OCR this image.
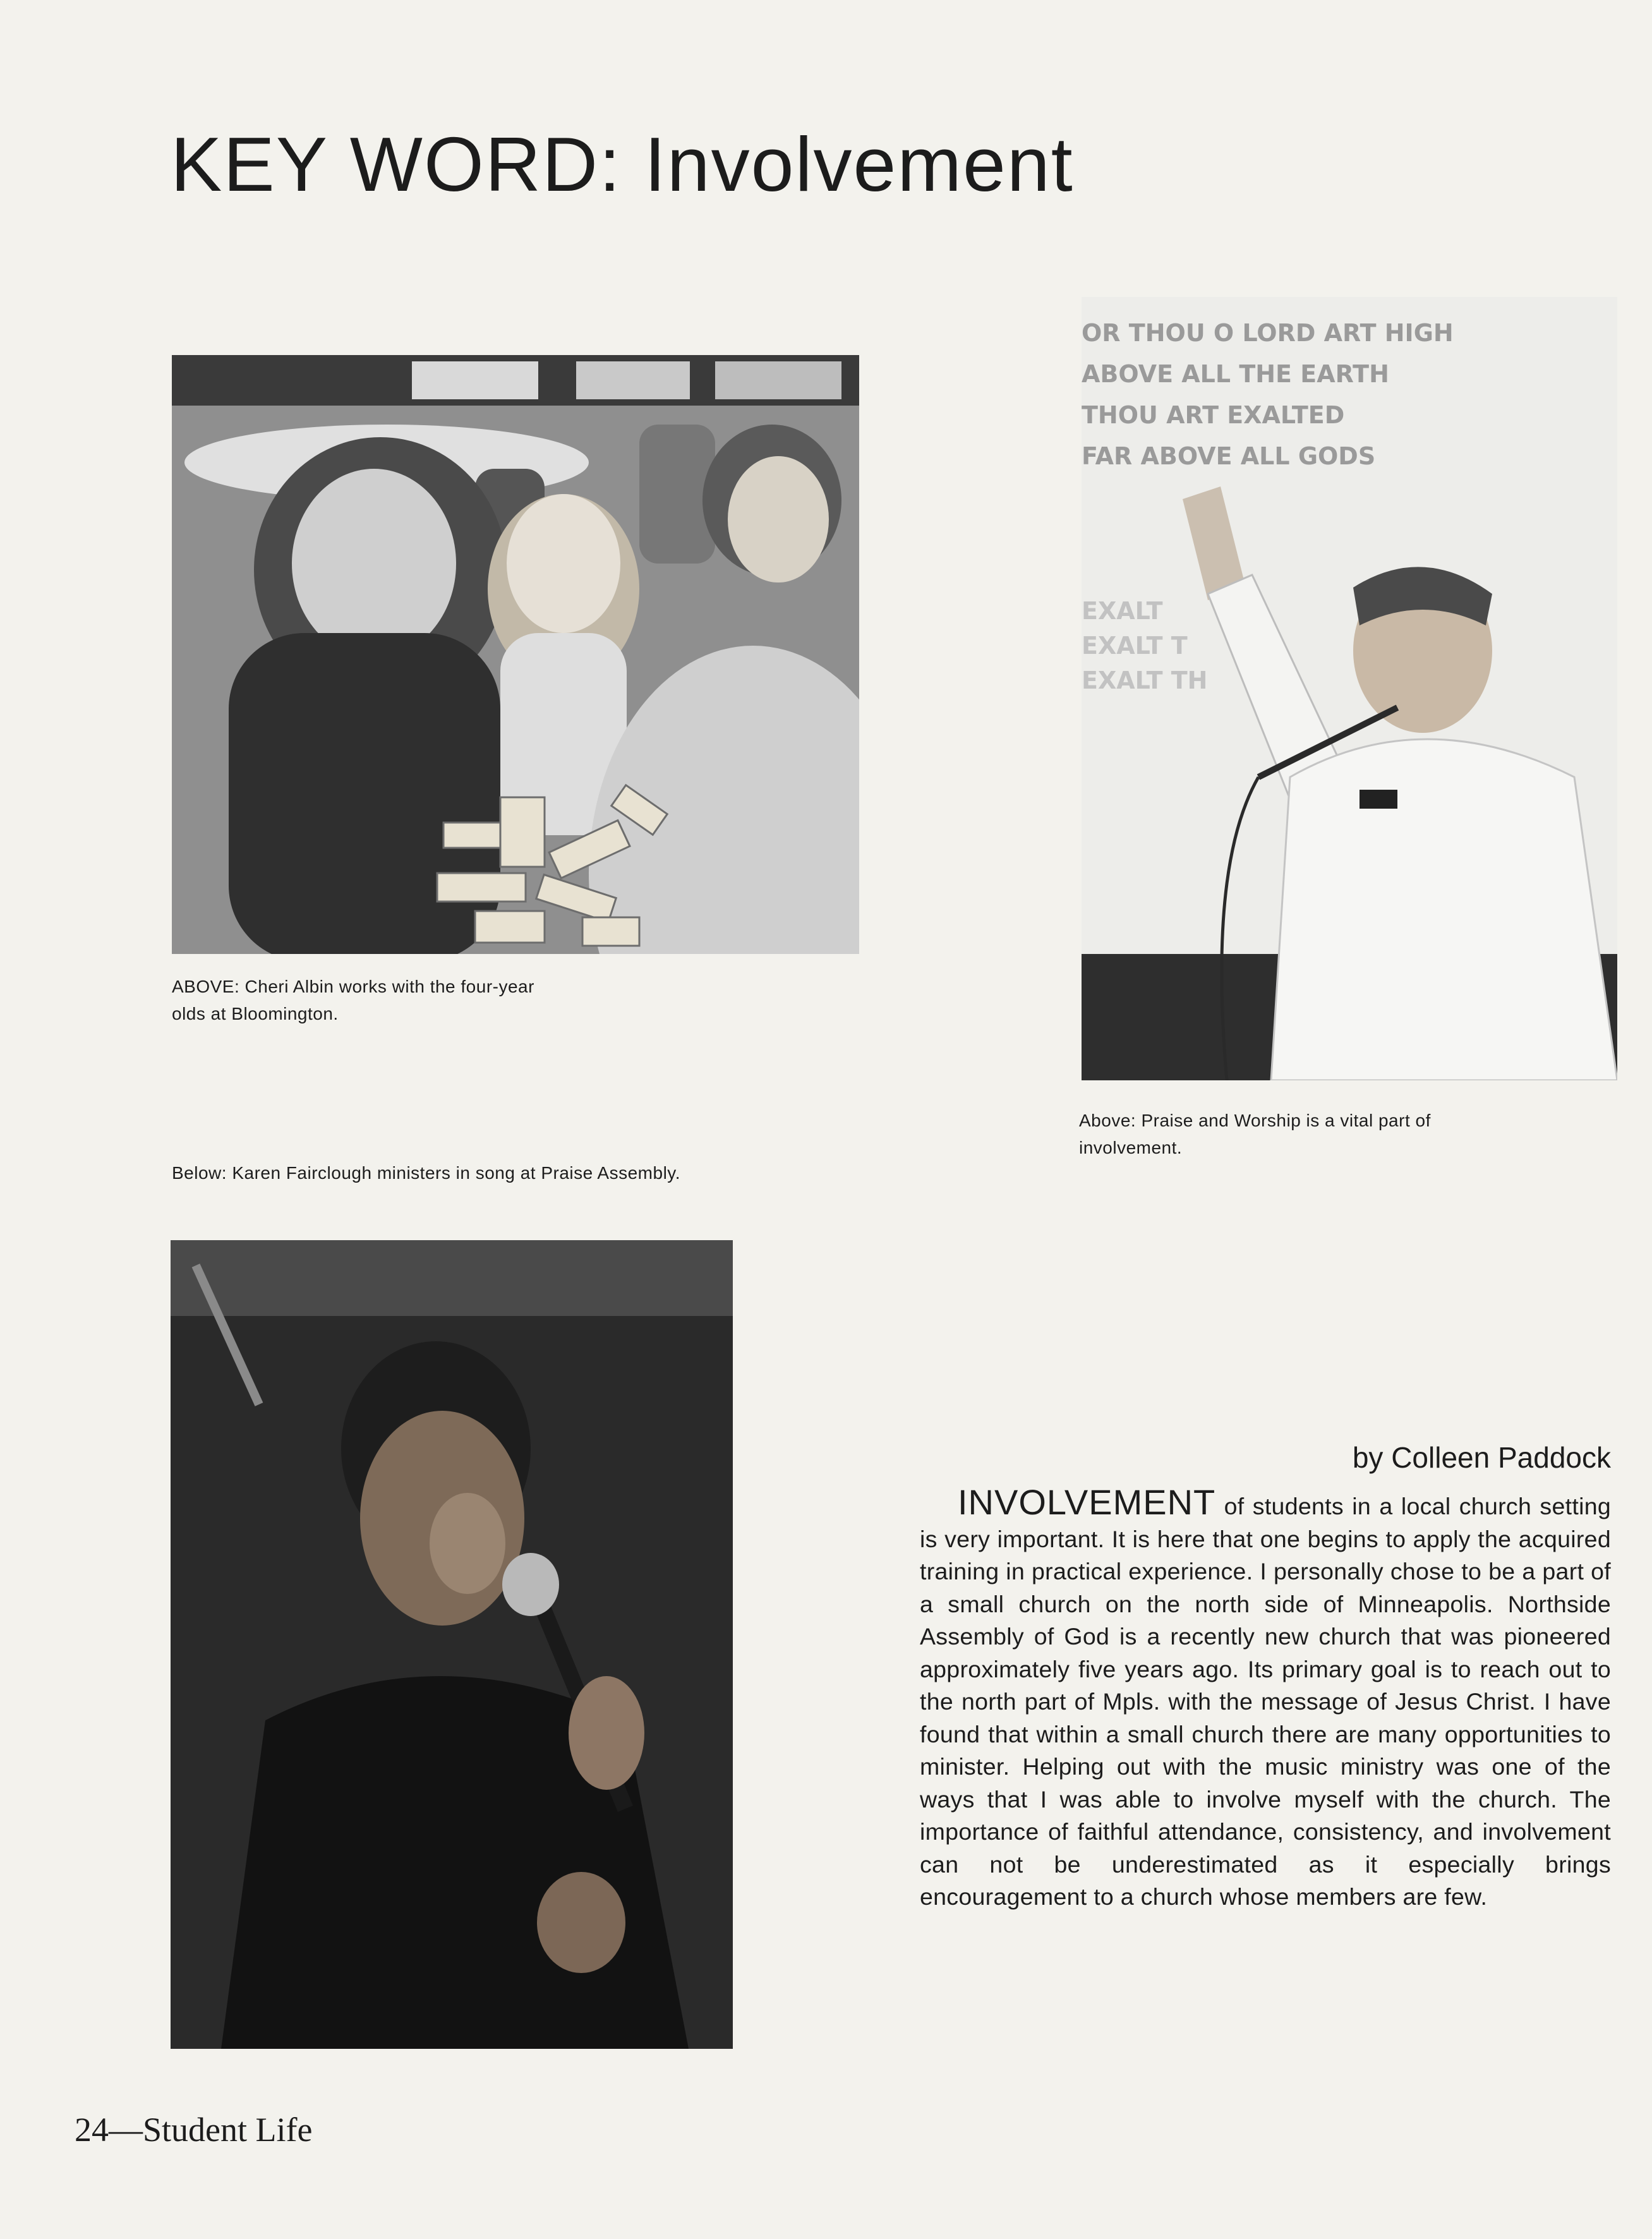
KEY WORD: Involvement

ABOVE: Cheri Albin works with the four-year olds at Bloomington.

OR THOU O LORD ART HIGH
ABOVE ALL THE EARTH
THOU ART EXALTED
FAR ABOVE ALL GODS
EXALT
EXALT T
EXALT TH

Above: Praise and Worship is a vital part of involvement.

Below: Karen Fairclough ministers in song at Praise Assembly.

by Colleen Paddock

INVOLVEMENT of students in a local church setting is very important. It is here that one begins to apply the acquired training in practical experience. I personally chose to be a part of a small church on the north side of Minneapolis. Northside Assembly of God is a recently new church that was pioneered approximately five years ago. Its primary goal is to reach out to the north part of Mpls. with the message of Jesus Christ. I have found that within a small church there are many opportunities to minister. Helping out with the music ministry was one of the ways that I was able to involve myself with the church. The importance of faithful attendance, consistency, and involvement can not be underestimated as it especially brings encouragement to a church whose members are few.

24—Student Life
